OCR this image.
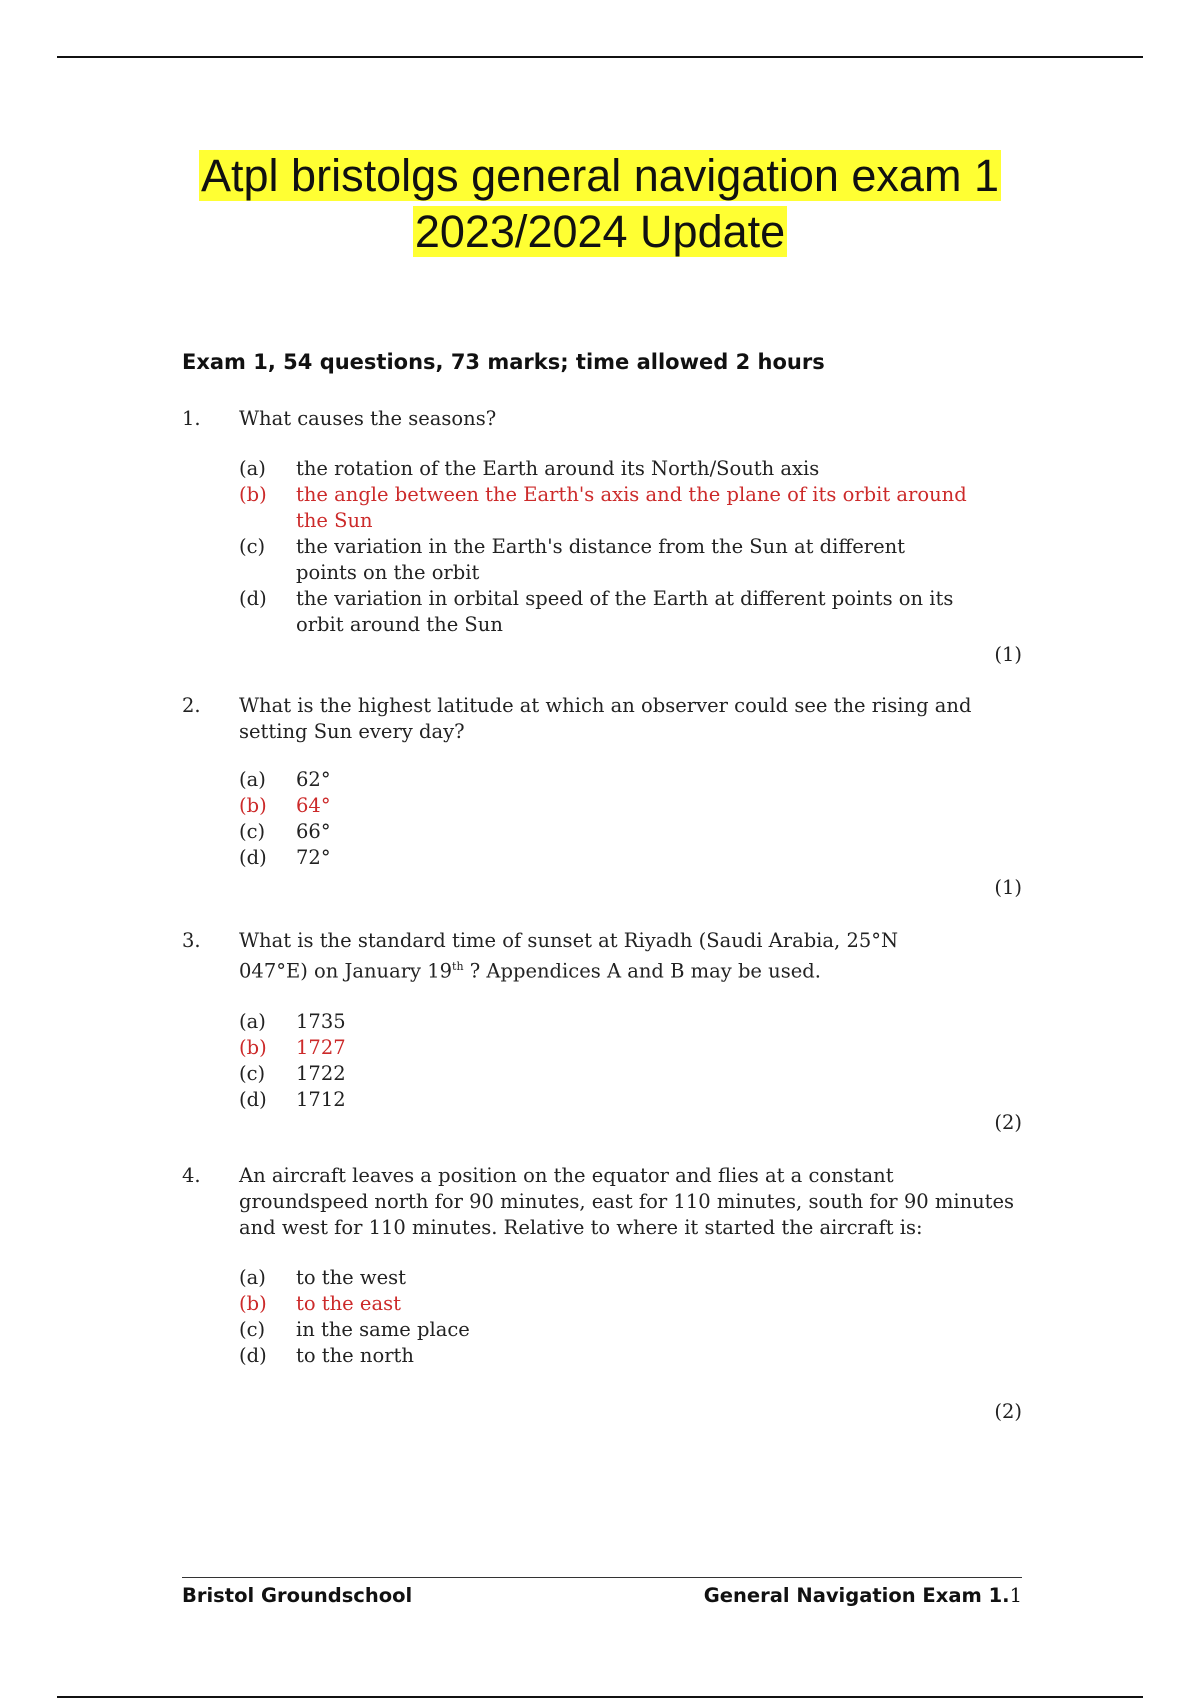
Atpl bristolgs general navigation exam 1
2023/2024 Update
Exam 1, 54 questions, 73 marks; time allowed 2 hours
1. What causes the seasons?
(a) the rotation of the Earth around its North/South axis
(b) the angle between the Earth's axis and the plane of its orbit around the Sun
(c) the variation in the Earth's distance from the Sun at different points on the orbit
(d) the variation in orbital speed of the Earth at different points on its orbit around the Sun
(1)
2. What is the highest latitude at which an observer could see the rising and setting Sun every day?
(a) 62°
(b) 64°
(c) 66°
(d) 72°
(1)
3. What is the standard time of sunset at Riyadh (Saudi Arabia, 25°N 047°E) on January 19th ? Appendices A and B may be used.
(a) 1735
(b) 1727
(c) 1722
(d) 1712
(2)
4. An aircraft leaves a position on the equator and flies at a constant groundspeed north for 90 minutes, east for 110 minutes, south for 90 minutes and west for 110 minutes. Relative to where it started the aircraft is:
(a) to the west
(b) to the east
(c) in the same place
(d) to the north
(2)
Bristol Groundschool	General Navigation Exam 1.1
